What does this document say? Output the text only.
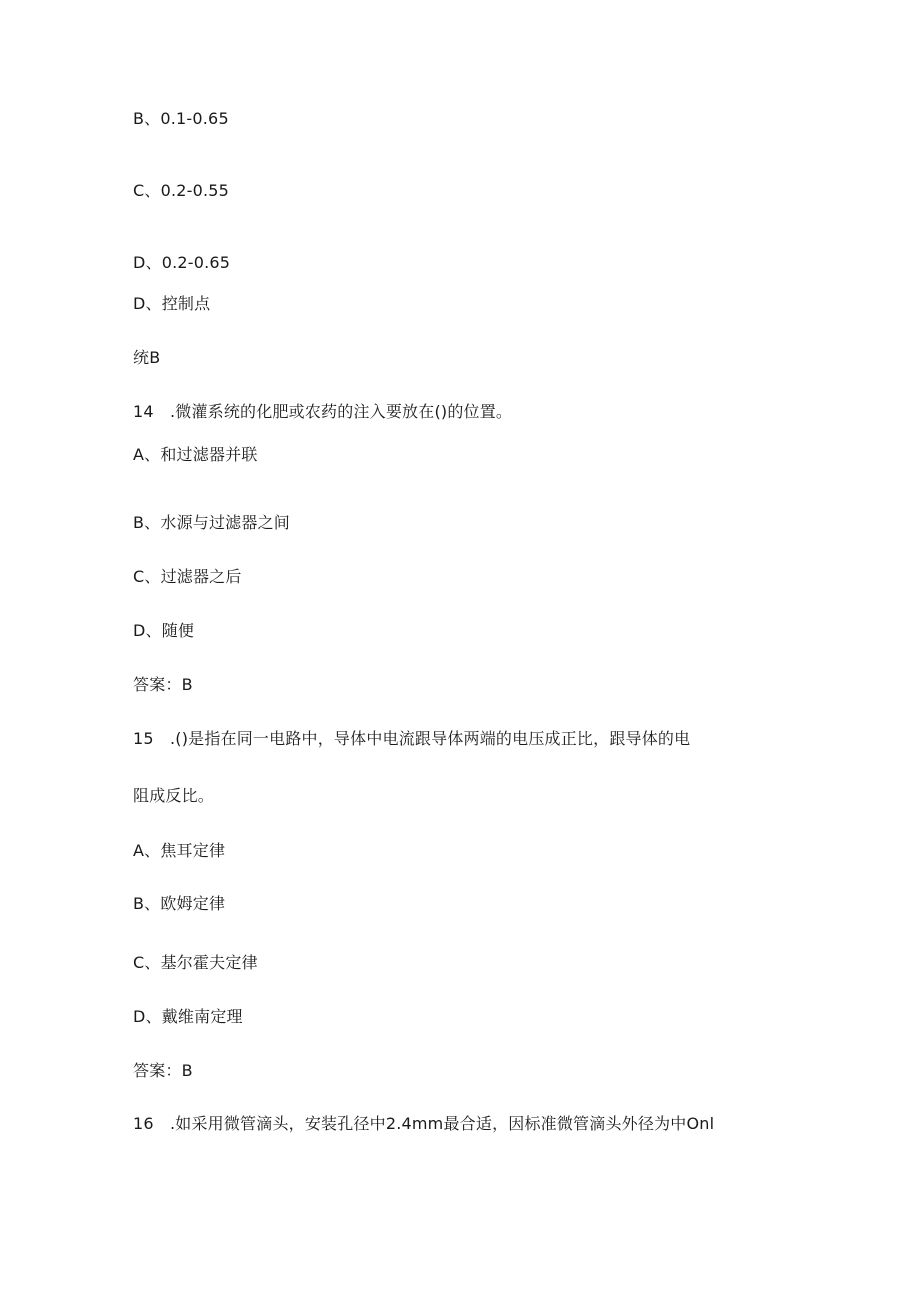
B、0.1-0.65
C、0.2-0.55
D、0.2-0.65
D、控制点
统B
14　.微灌系统的化肥或农药的注入要放在()的位置。
A、和过滤器并联
B、水源与过滤器之间
C、过滤器之后
D、随便
答案：B
15　.()是指在同一电路中，导体中电流跟导体两端的电压成正比，跟导体的电
阻成反比。
A、焦耳定律
B、欧姆定律
C、基尔霍夫定律
D、戴维南定理
答案：B
16　.如采用微管滴头，安装孔径中2.4mm最合适，因标准微管滴头外径为中Onl
